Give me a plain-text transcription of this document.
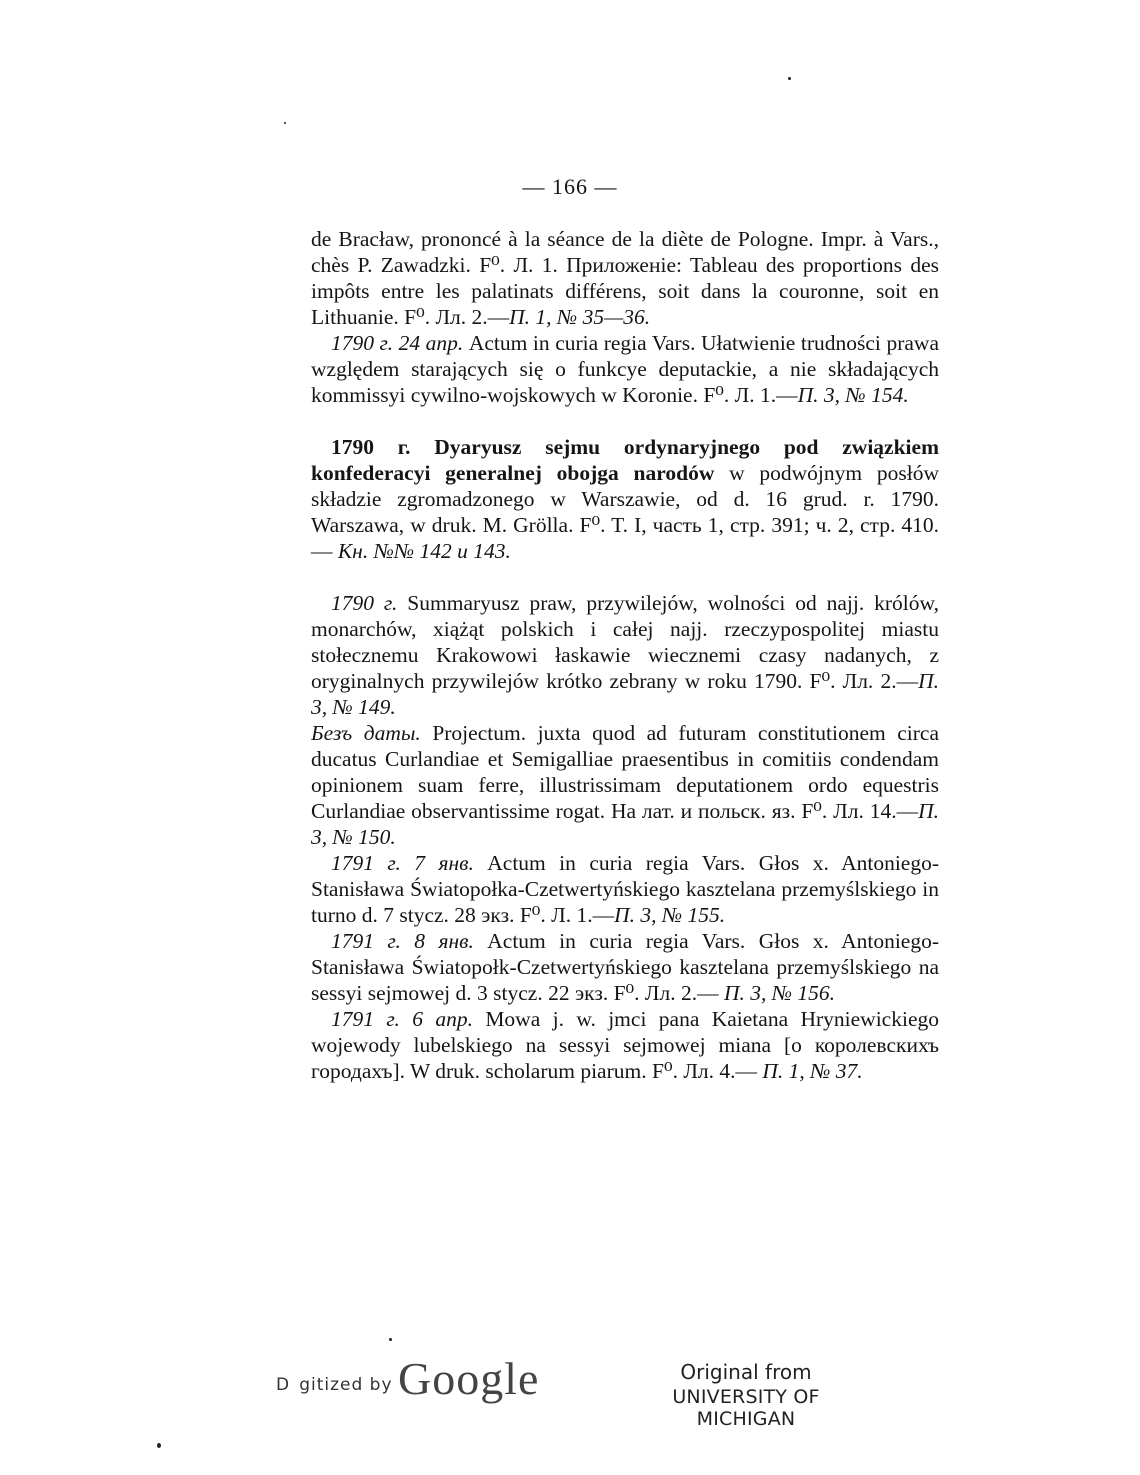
— 166 —

de Bracław, prononcé à la séance de la diète de Pologne. Impr. à Vars., chès P. Zawadzki. F⁰. Л. 1. Приложенie: Tableau des proportions des impôts entre les palatinats différens, soit dans la couronne, soit en Lithuanie. F⁰. Лл. 2.—П. 1, № 35—36.

1790 г. 24 апр. Actum in curia regia Vars. Ułatwienie trudności prawa względem starających się o funkcye deputackie, a nie składających kommissyi cywilno-wojskowych w Koronie. F⁰. Л. 1.—П. 3, № 154.

1790 г. Dyaryusz sejmu ordynaryjnego pod związkiem konfederacyi generalnej obojga narodów w podwójnym posłów składzie zgromadzonego w Warszawie, od d. 16 grud. r. 1790. Warszawa, w druk. M. Grölla. F⁰. T. I, часть 1, стр. 391; ч. 2, стр. 410. — Кн. №№ 142 и 143.

1790 г. Summaryusz praw, przywilejów, wolności od najj. królów, monarchów, xiążąt polskich i całej najj. rzeczypospolitej miastu stołecznemu Krakowowi łaskawie wiecznemi czasy nadanych, z oryginalnych przywilejów krótko zebrany w roku 1790. F⁰. Лл. 2.—П. 3, № 149.

Безъ даты. Projectum. juxta quod ad futuram constitutionem circa ducatus Curlandiae et Semigalliae praesentibus in comitiis condendam opinionem suam ferre, illustrissimam deputationem ordo equestris Curlandiae observantissime rogat. На лат. и польск. яз. F⁰. Лл. 14.—П. 3, № 150.

1791 г. 7 янв. Actum in curia regia Vars. Głos x. Antoniego-Stanisława Światopołka-Czetwertyńskiego kasztelana przemyślskiego in turno d. 7 stycz. 28 экз. F⁰. Л. 1.—П. 3, № 155.

1791 г. 8 янв. Actum in curia regia Vars. Głos x. Antoniego-Stanisława Światopołk-Czetwertyńskiego kasztelana przemyślskiego na sessyi sejmowej d. 3 stycz. 22 экз. F⁰. Лл. 2.— П. 3, № 156.

1791 г. 6 апр. Mowa j. w. jmci pana Kaietana Hryniewickiego wojewody lubelskiego na sessyi sejmowej miana [о королевскихъ городахъ]. W druk. scholarum piarum. F⁰. Лл. 4.— П. 1, № 37.

D  gitized by Google	Original from
UNIVERSITY OF MICHIGAN
